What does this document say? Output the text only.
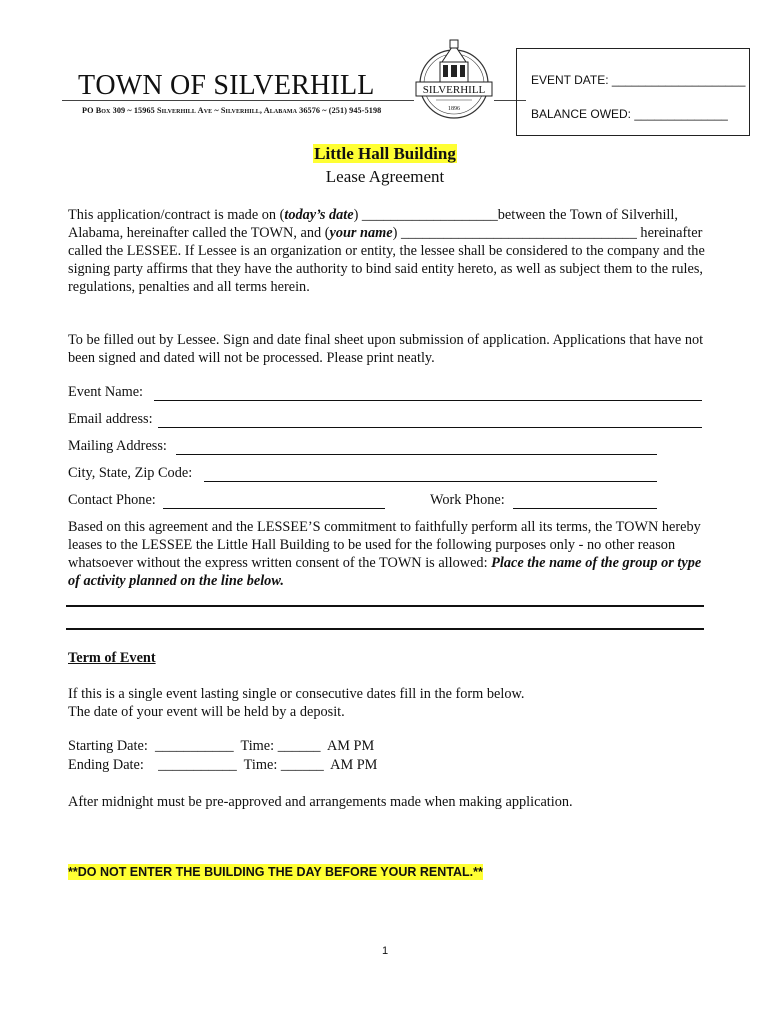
TOWN OF SILVERHILL
PO Box 309 ~ 15965 Silverhill Ave ~ Silverhill, Alabama 36576 ~ (251) 945-5198
SILVERHILL
1896
EVENT DATE: ____________________
BALANCE OWED: ______________
Little Hall Building
Lease Agreement
This application/contract is made on (today’s date) ___________________between the Town of Silverhill, Alabama, hereinafter called the TOWN, and (your name) _________________________________ hereinafter called the LESSEE. If Lessee is an organization or entity, the lessee shall be considered to the company and the signing party affirms that they have the authority to bind said entity hereto, as well as subject them to the rules, regulations, penalties and all terms herein.
To be filled out by Lessee. Sign and date final sheet upon submission of application. Applications that have not been signed and dated will not be processed. Please print neatly.
Event Name:
Email address:
Mailing Address:
City, State, Zip Code:
Contact Phone:	Work Phone:
Based on this agreement and the LESSEE’S commitment to faithfully perform all its terms, the TOWN hereby leases to the LESSEE the Little Hall Building to be used for the following purposes only - no other reason whatsoever without the express written consent of the TOWN is allowed: Place the name of the group or type of activity planned on the line below.
Term of Event
If this is a single event lasting single or consecutive dates fill in the form below.
The date of your event will be held by a deposit.
Starting Date:  ___________  Time: ______  AM PM
Ending Date:    ___________  Time: ______  AM PM
After midnight must be pre-approved and arrangements made when making application.
**DO NOT ENTER THE BUILDING THE DAY BEFORE YOUR RENTAL.**
1
